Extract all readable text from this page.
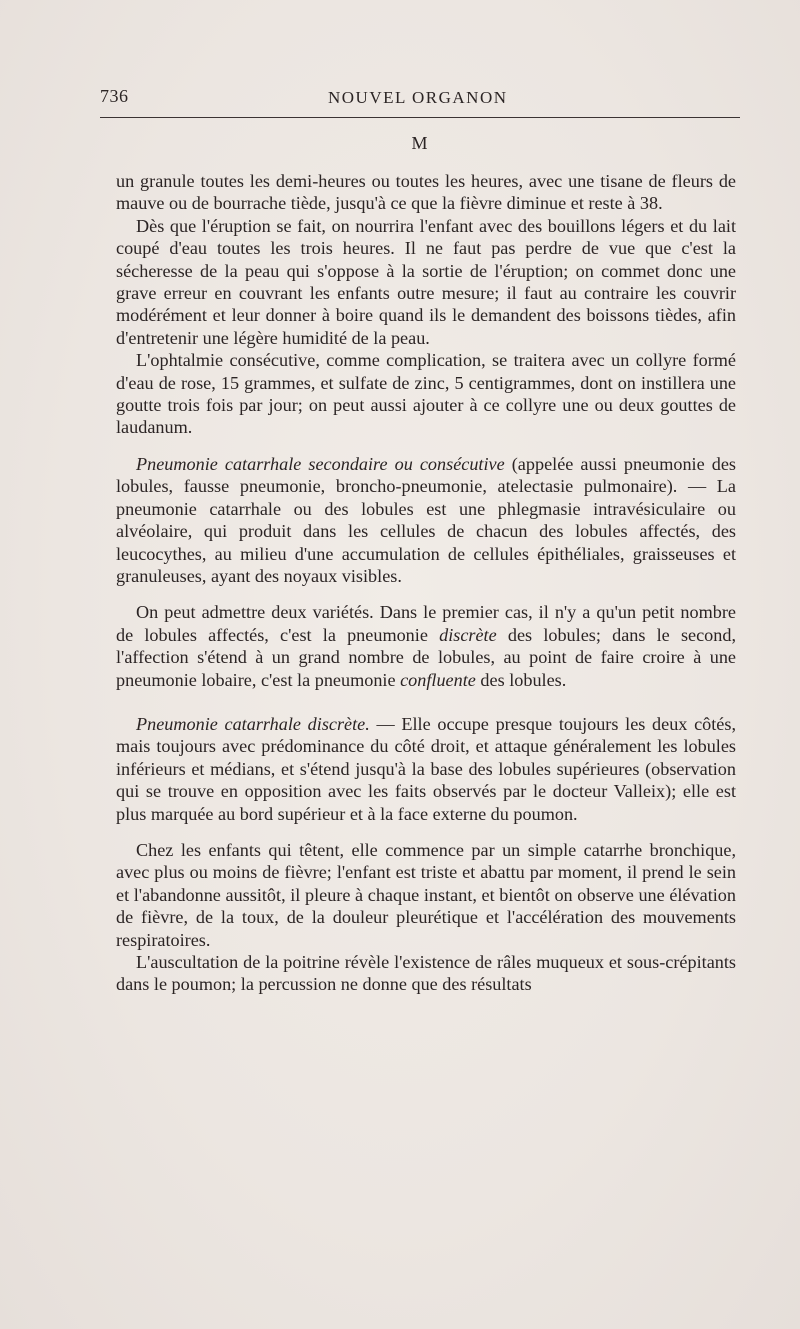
736	NOUVEL ORGANON
M

un granule toutes les demi-heures ou toutes les heures, avec une tisane de fleurs de mauve ou de bourrache tiède, jusqu'à ce que la fièvre diminue et reste à 38.

Dès que l'éruption se fait, on nourrira l'enfant avec des bouillons légers et du lait coupé d'eau toutes les trois heures. Il ne faut pas perdre de vue que c'est la sécheresse de la peau qui s'oppose à la sortie de l'éruption; on commet donc une grave erreur en couvrant les enfants outre mesure; il faut au contraire les couvrir modérément et leur donner à boire quand ils le demandent des boissons tièdes, afin d'entretenir une légère humidité de la peau.

L'ophtalmie consécutive, comme complication, se traitera avec un collyre formé d'eau de rose, 15 grammes, et sulfate de zinc, 5 centigrammes, dont on instillera une goutte trois fois par jour; on peut aussi ajouter à ce collyre une ou deux gouttes de laudanum.

Pneumonie catarrhale secondaire ou consécutive (appelée aussi pneumonie des lobules, fausse pneumonie, broncho-pneumonie, atelectasie pulmonaire). — La pneumonie catarrhale ou des lobules est une phlegmasie intravésiculaire ou alvéolaire, qui produit dans les cellules de chacun des lobules affectés, des leucocythes, au milieu d'une accumulation de cellules épithéliales, graisseuses et granuleuses, ayant des noyaux visibles.

On peut admettre deux variétés. Dans le premier cas, il n'y a qu'un petit nombre de lobules affectés, c'est la pneumonie discrète des lobules; dans le second, l'affection s'étend à un grand nombre de lobules, au point de faire croire à une pneumonie lobaire, c'est la pneumonie confluente des lobules.

Pneumonie catarrhale discrète. — Elle occupe presque toujours les deux côtés, mais toujours avec prédominance du côté droit, et attaque généralement les lobules inférieurs et médians, et s'étend jusqu'à la base des lobules supérieures (observation qui se trouve en opposition avec les faits observés par le docteur Valleix); elle est plus marquée au bord supérieur et à la face externe du poumon.

Chez les enfants qui têtent, elle commence par un simple catarrhe bronchique, avec plus ou moins de fièvre; l'enfant est triste et abattu par moment, il prend le sein et l'abandonne aussitôt, il pleure à chaque instant, et bientôt on observe une élévation de fièvre, de la toux, de la douleur pleurétique et l'accélération des mouvements respiratoires.

L'auscultation de la poitrine révèle l'existence de râles muqueux et sous-crépitants dans le poumon; la percussion ne donne que des résultats
